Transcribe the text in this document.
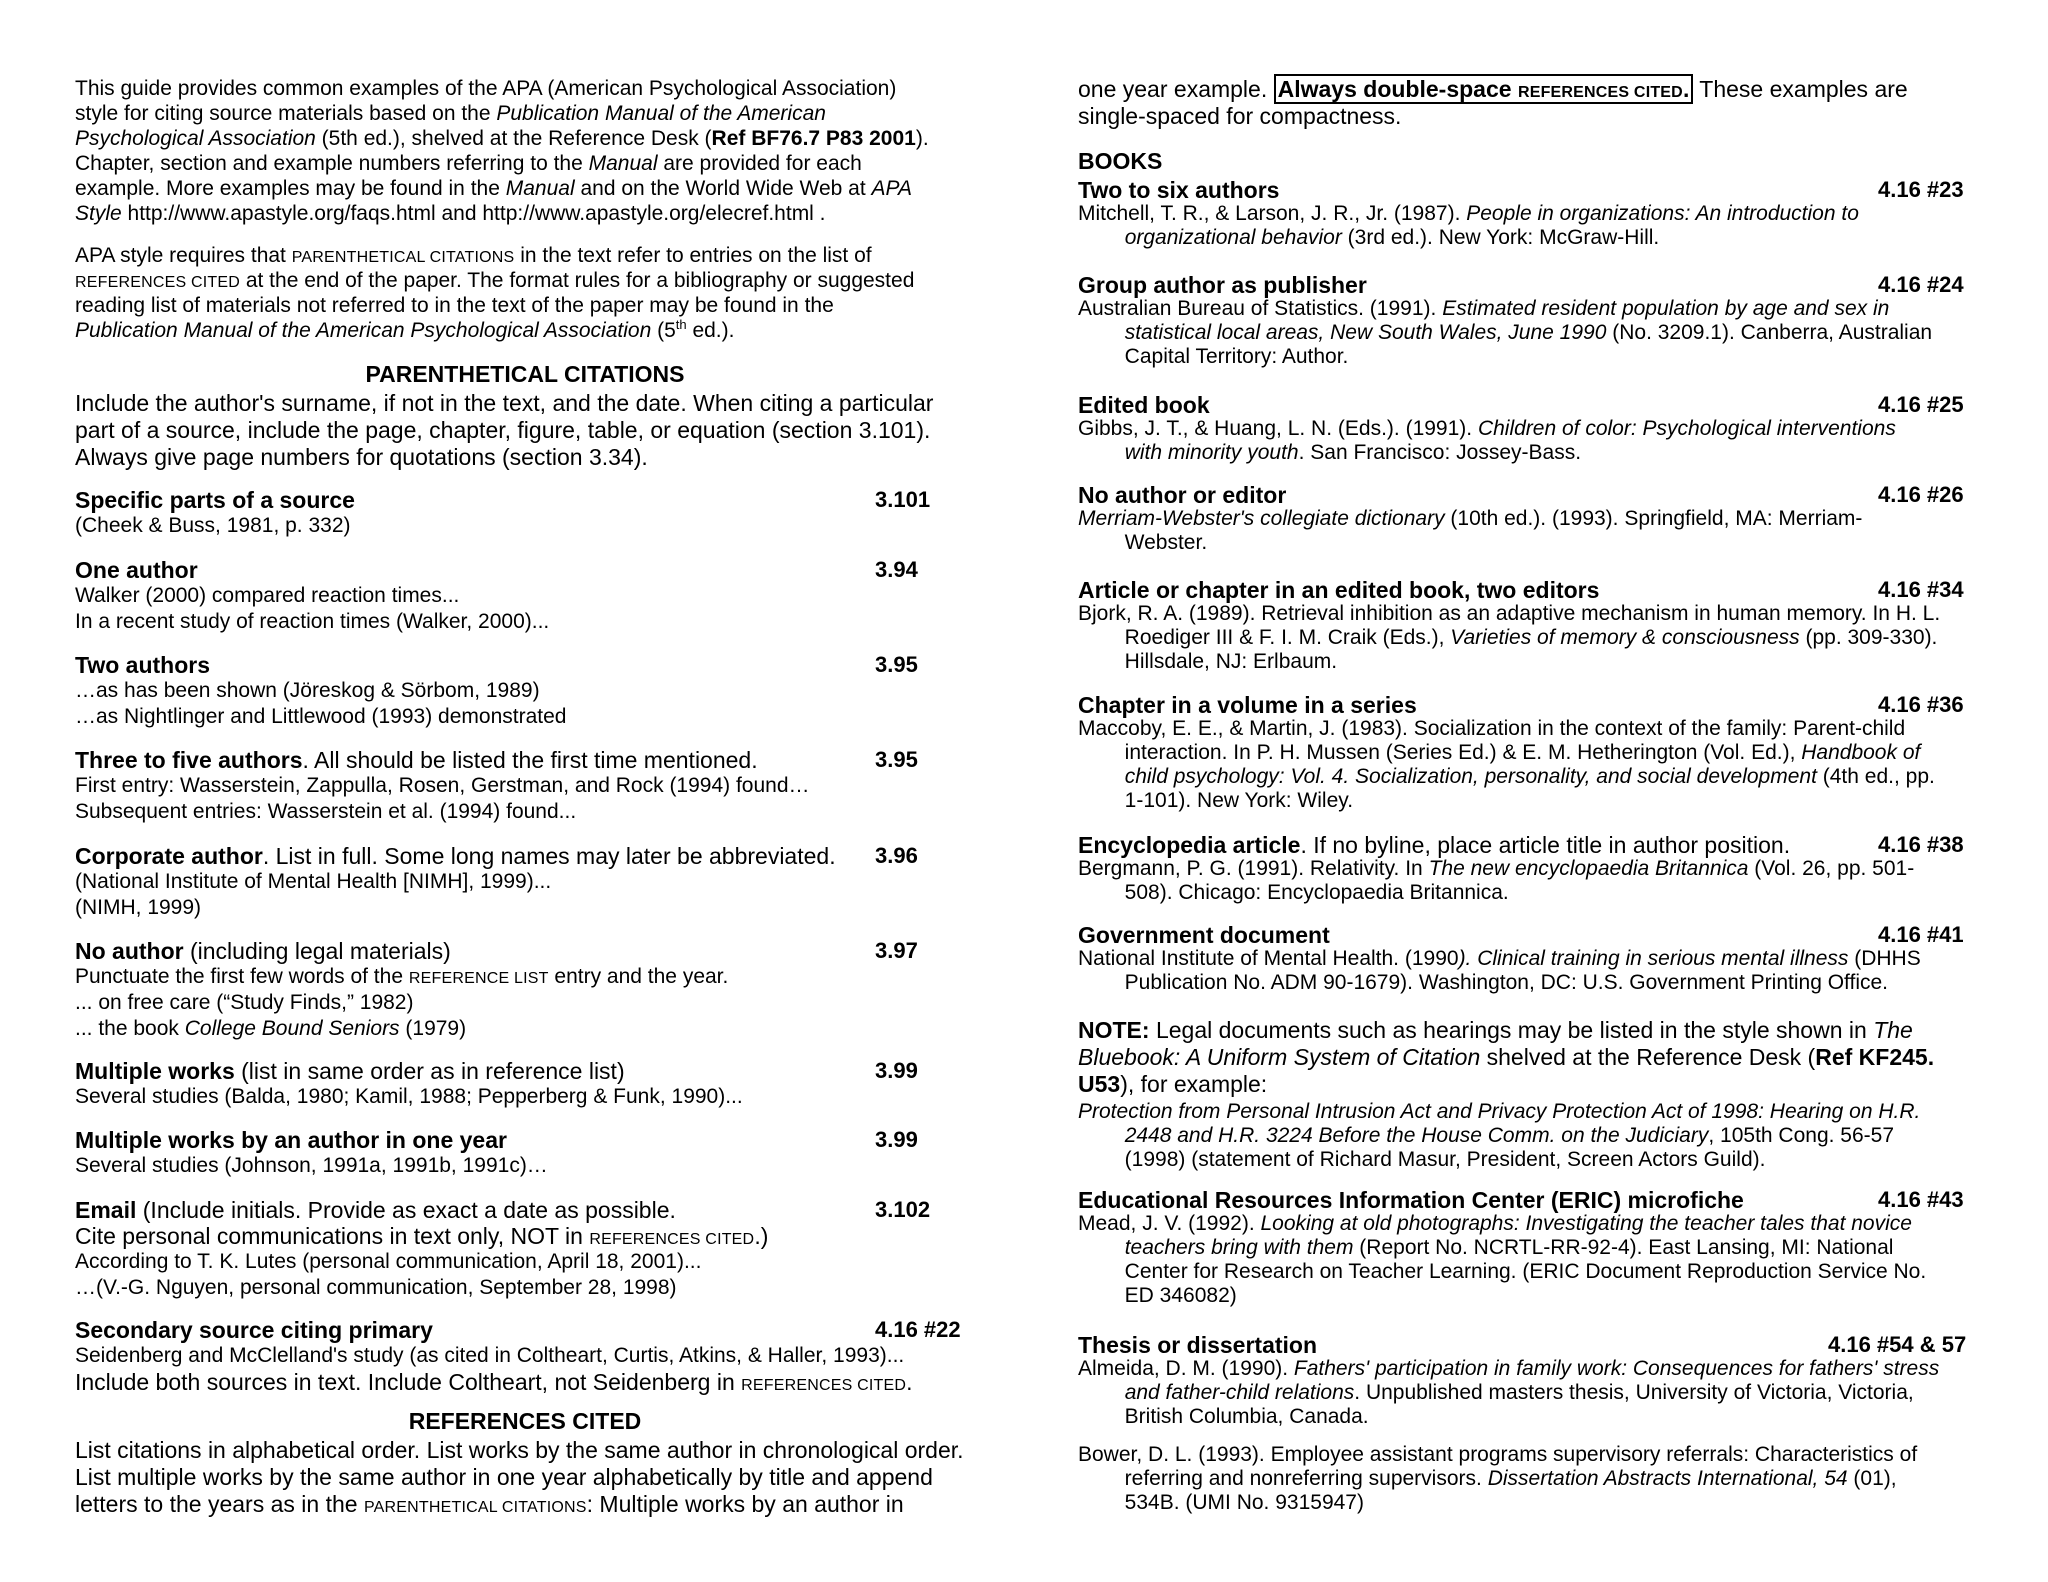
This guide provides common examples of the APA (American Psychological Association)
style for citing source materials based on the Publication Manual of the American
Psychological Association (5th ed.), shelved at the Reference Desk (Ref BF76.7 P83 2001).
Chapter, section and example numbers referring to the Manual are provided for each
example. More examples may be found in the Manual and on the World Wide Web at APA
Style http://www.apastyle.org/faqs.html and http://www.apastyle.org/elecref.html .
APA style requires that PARENTHETICAL CITATIONS in the text refer to entries on the list of
REFERENCES CITED at the end of the paper. The format rules for a bibliography or suggested
reading list of materials not referred to in the text of the paper may be found in the
Publication Manual of the American Psychological Association (5th ed.).
PARENTHETICAL CITATIONS
Include the author's surname, if not in the text, and the date. When citing a particular
part of a source, include the page, chapter, figure, table, or equation (section 3.101).
Always give page numbers for quotations (section 3.34).
Specific parts of a source	3.101
(Cheek & Buss, 1981, p. 332)
One author	3.94
Walker (2000) compared reaction times...
In a recent study of reaction times (Walker, 2000)...
Two authors	3.95
…as has been shown (Jöreskog & Sörbom, 1989)
…as Nightlinger and Littlewood (1993) demonstrated
Three to five authors. All should be listed the first time mentioned.	3.95
First entry: Wasserstein, Zappulla, Rosen, Gerstman, and Rock (1994) found…
Subsequent entries: Wasserstein et al. (1994) found...
Corporate author. List in full. Some long names may later be abbreviated. 3.96
(National Institute of Mental Health [NIMH], 1999)...
(NIMH, 1999)
No author (including legal materials)	3.97
Punctuate the first few words of the REFERENCE LIST entry and the year.
... on free care (“Study Finds,” 1982)
... the book College Bound Seniors (1979)
Multiple works (list in same order as in reference list)	3.99
Several studies (Balda, 1980; Kamil, 1988; Pepperberg & Funk, 1990)...
Multiple works by an author in one year	3.99
Several studies (Johnson, 1991a, 1991b, 1991c)…
Email (Include initials. Provide as exact a date as possible.	3.102
Cite personal communications in text only, NOT in REFERENCES CITED.)
According to T. K. Lutes (personal communication, April 18, 2001)...
…(V.-G. Nguyen, personal communication, September 28, 1998)
Secondary source citing primary	4.16 #22
Seidenberg and McClelland's study (as cited in Coltheart, Curtis, Atkins, & Haller, 1993)...
Include both sources in text. Include Coltheart, not Seidenberg in REFERENCES CITED.
REFERENCES CITED
List citations in alphabetical order. List works by the same author in chronological order.
List multiple works by the same author in one year alphabetically by title and append
letters to the years as in the PARENTHETICAL CITATIONS: Multiple works by an author in
one year example. Always double-space REFERENCES CITED. These examples are
single-spaced for compactness.
BOOKS
Two to six authors	4.16 #23
Mitchell, T. R., & Larson, J. R., Jr. (1987). People in organizations: An introduction to
organizational behavior (3rd ed.). New York: McGraw-Hill.
Group author as publisher	4.16 #24
Australian Bureau of Statistics. (1991). Estimated resident population by age and sex in
statistical local areas, New South Wales, June 1990 (No. 3209.1). Canberra, Australian
Capital Territory: Author.
Edited book	4.16 #25
Gibbs, J. T., & Huang, L. N. (Eds.). (1991). Children of color: Psychological interventions
with minority youth. San Francisco: Jossey-Bass.
No author or editor	4.16 #26
Merriam-Webster's collegiate dictionary (10th ed.). (1993). Springfield, MA: Merriam-
Webster.
Article or chapter in an edited book, two editors	4.16 #34
Bjork, R. A. (1989). Retrieval inhibition as an adaptive mechanism in human memory. In H. L.
Roediger III & F. I. M. Craik (Eds.), Varieties of memory & consciousness (pp. 309-330).
Hillsdale, NJ: Erlbaum.
Chapter in a volume in a series	4.16 #36
Maccoby, E. E., & Martin, J. (1983). Socialization in the context of the family: Parent-child
interaction. In P. H. Mussen (Series Ed.) & E. M. Hetherington (Vol. Ed.), Handbook of
child psychology: Vol. 4. Socialization, personality, and social development (4th ed., pp.
1-101). New York: Wiley.
Encyclopedia article. If no byline, place article title in author position.	4.16 #38
Bergmann, P. G. (1991). Relativity. In The new encyclopaedia Britannica (Vol. 26, pp. 501-
508). Chicago: Encyclopaedia Britannica.
Government document	4.16 #41
National Institute of Mental Health. (1990). Clinical training in serious mental illness (DHHS
Publication No. ADM 90-1679). Washington, DC: U.S. Government Printing Office.
NOTE: Legal documents such as hearings may be listed in the style shown in The
Bluebook: A Uniform System of Citation shelved at the Reference Desk (Ref KF245.
U53), for example:
Protection from Personal Intrusion Act and Privacy Protection Act of 1998: Hearing on H.R.
2448 and H.R. 3224 Before the House Comm. on the Judiciary, 105th Cong. 56-57
(1998) (statement of Richard Masur, President, Screen Actors Guild).
Educational Resources Information Center (ERIC) microfiche	4.16 #43
Mead, J. V. (1992). Looking at old photographs: Investigating the teacher tales that novice
teachers bring with them (Report No. NCRTL-RR-92-4). East Lansing, MI: National
Center for Research on Teacher Learning. (ERIC Document Reproduction Service No.
ED 346082)
Thesis or dissertation	4.16 #54 & 57
Almeida, D. M. (1990). Fathers' participation in family work: Consequences for fathers' stress
and father-child relations. Unpublished masters thesis, University of Victoria, Victoria,
British Columbia, Canada.
Bower, D. L. (1993). Employee assistant programs supervisory referrals: Characteristics of
referring and nonreferring supervisors. Dissertation Abstracts International, 54 (01),
534B. (UMI No. 9315947)
